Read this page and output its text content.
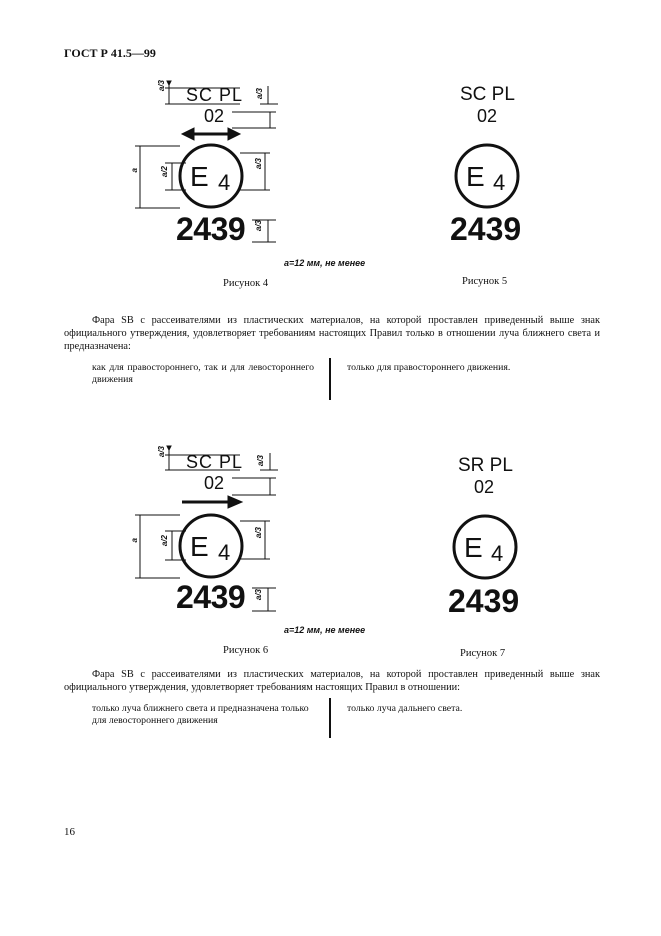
ГОСТ Р 41.5—99
a/3
a/3
a
a/2	a/3
a/3
SC PL
02
E 4
2439
a=12 мм, не менее
Рисунок 4
SC PL
02
E 4
2439
Рисунок 5
Фара SB с рассеивателями из пластических материалов, на которой проставлен приведенный выше знак официального утверждения, удовлетворяет требованиям настоящих Правил только в отношении луча ближнего света и предназначена:
как для правостороннего, так и для левостороннего движения
только для правостороннего движения.
a/3
a/3
a
a/2	a/3
a/3
SC PL
02
E 4
2439
a=12 мм, не менее
Рисунок 6
SR PL
02
E 4
2439
Рисунок 7
Фара SB с рассеивателями из пластических материалов, на которой проставлен приведенный выше знак официального утверждения, удовлетворяет требованиям настоящих Правил в отношении:
только луча ближнего света и предназначена только для левостороннего движения
только луча дальнего света.
16
